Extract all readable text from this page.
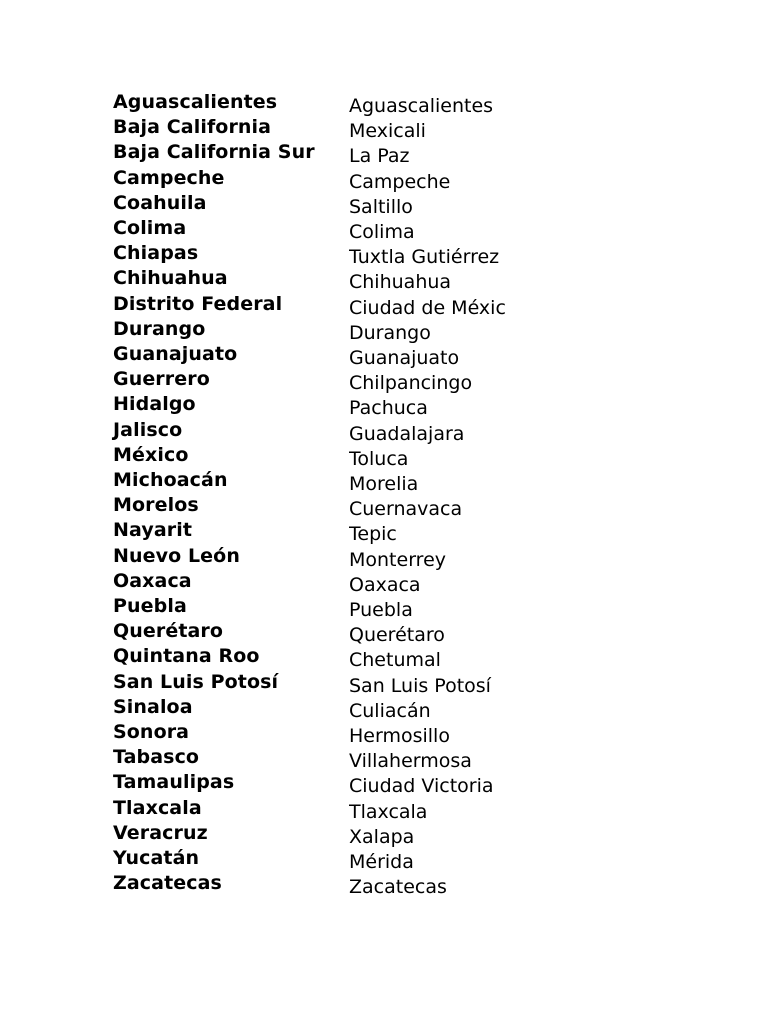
Aguascalientes	Aguascalientes
Baja California	Mexicali
Baja California Sur	La Paz
Campeche	Campeche
Coahuila	Saltillo
Colima	Colima
Chiapas	Tuxtla Gutiérrez
Chihuahua	Chihuahua
Distrito Federal	Ciudad de Méxic
Durango	Durango
Guanajuato	Guanajuato
Guerrero	Chilpancingo
Hidalgo	Pachuca
Jalisco	Guadalajara
México	Toluca
Michoacán	Morelia
Morelos	Cuernavaca
Nayarit	Tepic
Nuevo León	Monterrey
Oaxaca	Oaxaca
Puebla	Puebla
Querétaro	Querétaro
Quintana Roo	Chetumal
San Luis Potosí	San Luis Potosí
Sinaloa	Culiacán
Sonora	Hermosillo
Tabasco	Villahermosa
Tamaulipas	Ciudad Victoria
Tlaxcala	Tlaxcala
Veracruz	Xalapa
Yucatán	Mérida
Zacatecas	Zacatecas
